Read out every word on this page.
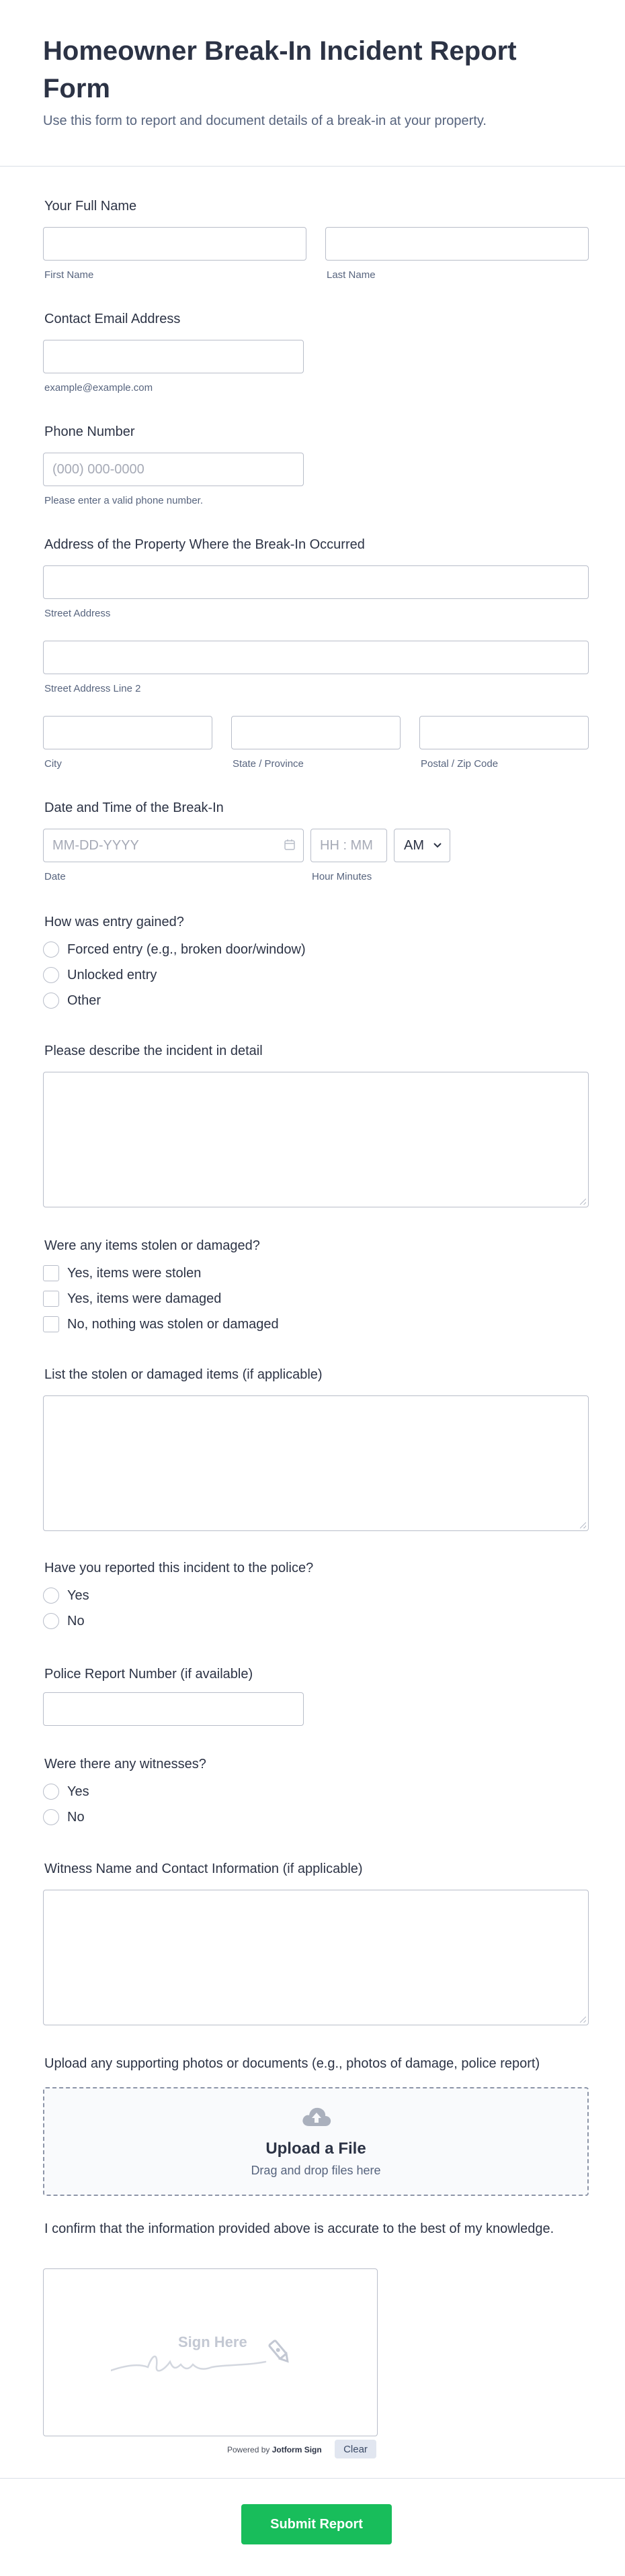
Homeowner Break-In Incident Report Form

Use this form to report and document details of a break-in at your property.

Your Full Name
First Name	Last Name
Contact Email Address
example@example.com
Phone Number
(000) 000-0000
Please enter a valid phone number.
Address of the Property Where the Break-In Occurred
Street Address
Street Address Line 2
City	State / Province	Postal / Zip Code
Date and Time of the Break-In
MM-DD-YYYY
HH : MM
AM
Date	Hour Minutes
How was entry gained?
Forced entry (e.g., broken door/window)
Unlocked entry
Other
Please describe the incident in detail
Were any items stolen or damaged?
Yes, items were stolen
Yes, items were damaged
No, nothing was stolen or damaged
List the stolen or damaged items (if applicable)
Have you reported this incident to the police?
Yes
No
Police Report Number (if available)
Were there any witnesses?
Yes
No
Witness Name and Contact Information (if applicable)
Upload any supporting photos or documents (e.g., photos of damage, police report)
Upload a File
Drag and drop files here
I confirm that the information provided above is accurate to the best of my knowledge.
Sign Here
Powered by Jotform Sign	Clear
Submit Report
